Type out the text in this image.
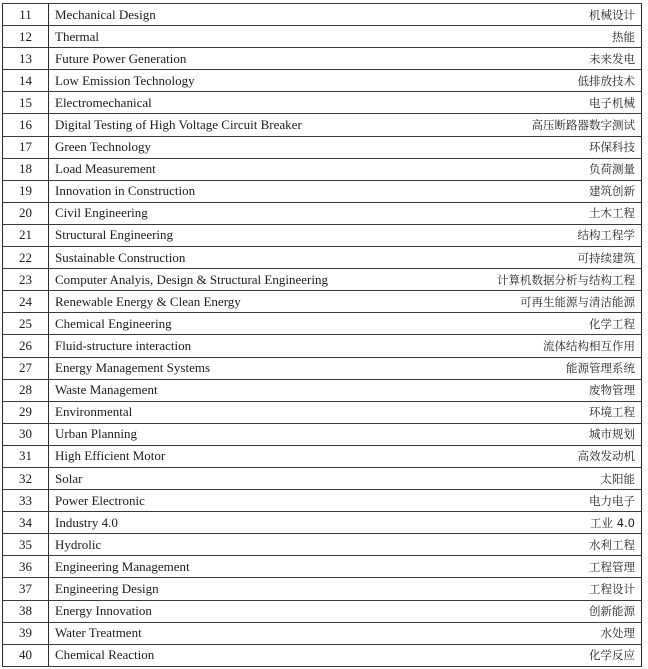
11	Mechanical Design	机械设计
12	Thermal	热能
13	Future Power Generation	未来发电
14	Low Emission Technology	低排放技术
15	Electromechanical	电子机械
16	Digital Testing of High Voltage Circuit Breaker	高压断路器数字测试
17	Green Technology	环保科技
18	Load Measurement	负荷测量
19	Innovation in Construction	建筑创新
20	Civil Engineering	土木工程
21	Structural Engineering	结构工程学
22	Sustainable Construction	可持续建筑
23	Computer Analyis, Design & Structural Engineering	计算机数据分析与结构工程
24	Renewable Energy & Clean Energy	可再生能源与清洁能源
25	Chemical Engineering	化学工程
26	Fluid-structure interaction	流体结构相互作用
27	Energy Management Systems	能源管理系统
28	Waste Management	废物管理
29	Environmental	环境工程
30	Urban Planning	城市规划
31	High Efficient Motor	高效发动机
32	Solar	太阳能
33	Power Electronic	电力电子
34	Industry 4.0	工业 4.0
35	Hydrolic	水利工程
36	Engineering Management	工程管理
37	Engineering Design	工程设计
38	Energy Innovation	创新能源
39	Water Treatment	水处理
40	Chemical Reaction	化学反应
